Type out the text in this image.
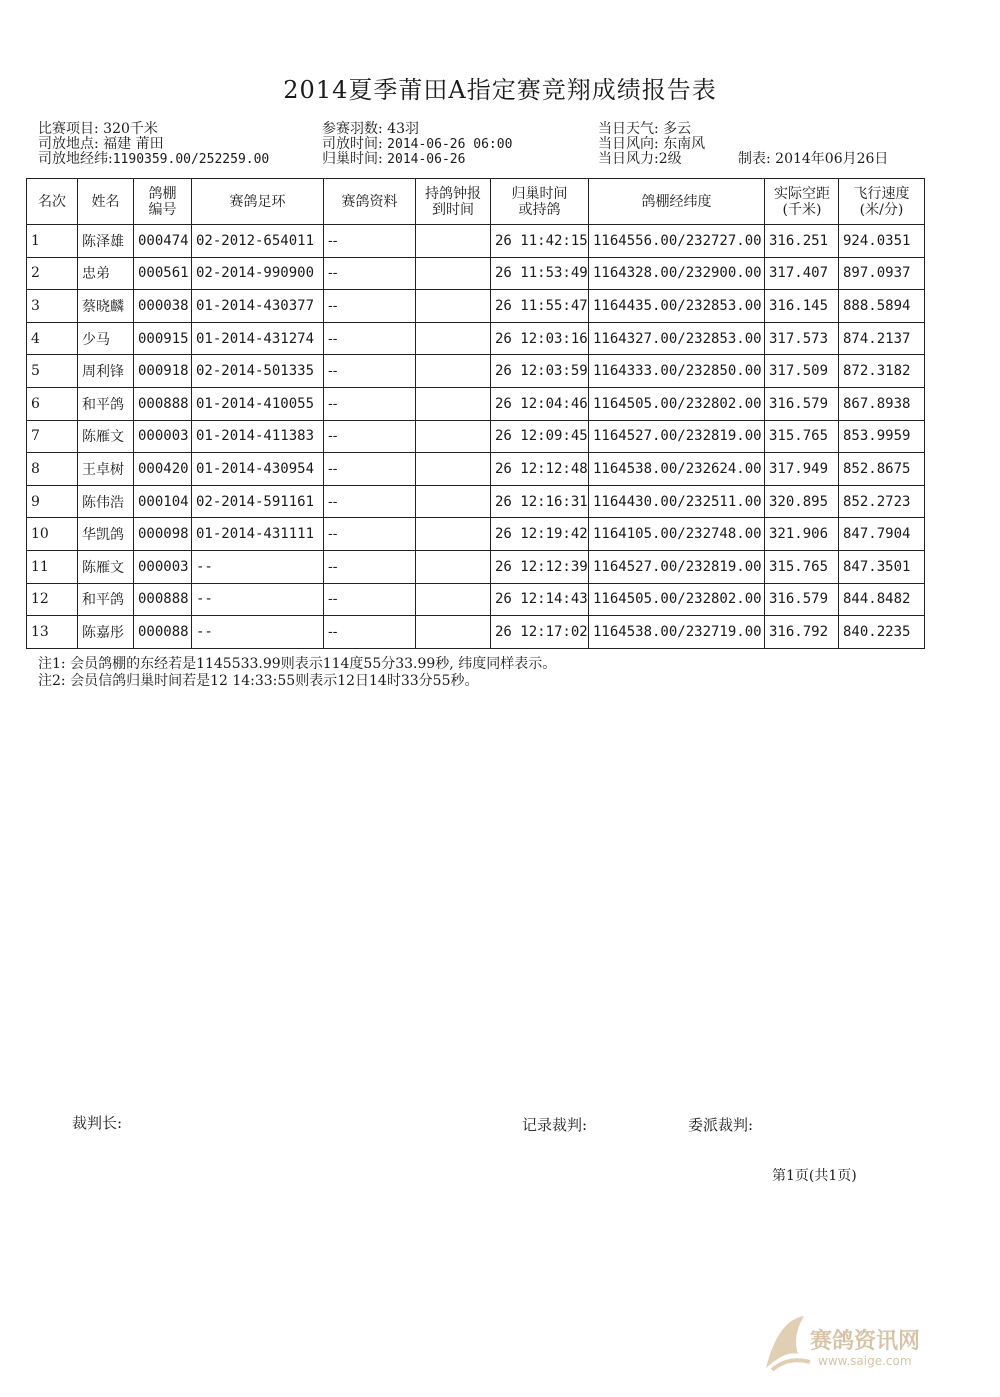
2014夏季莆田A指定赛竞翔成绩报告表
比赛项目: 320千米
司放地点: 福建 莆田
司放地经纬:1190359.00/252259.00
参赛羽数: 43羽
司放时间: 2014-06-26 06:00
归巢时间: 2014-06-26
当日天气: 多云
当日风向: 东南风
当日风力:2级	制表: 2014年06月26日
名次	姓名	鸽棚编号	赛鸽足环	赛鸽资料	持鸽钟报到时间	归巢时间或持鸽	鸽棚经纬度	实际空距(千米)	飞行速度(米/分)
1	陈泽雄	000474	02-2012-654011	--		26 11:42:15	1164556.00/232727.00	316.251	924.0351
2	忠弟	000561	02-2014-990900	--		26 11:53:49	1164328.00/232900.00	317.407	897.0937
3	蔡晓麟	000038	01-2014-430377	--		26 11:55:47	1164435.00/232853.00	316.145	888.5894
4	少马	000915	01-2014-431274	--		26 12:03:16	1164327.00/232853.00	317.573	874.2137
5	周利锋	000918	02-2014-501335	--		26 12:03:59	1164333.00/232850.00	317.509	872.3182
6	和平鸽	000888	01-2014-410055	--		26 12:04:46	1164505.00/232802.00	316.579	867.8938
7	陈雁文	000003	01-2014-411383	--		26 12:09:45	1164527.00/232819.00	315.765	853.9959
8	王卓树	000420	01-2014-430954	--		26 12:12:48	1164538.00/232624.00	317.949	852.8675
9	陈伟浩	000104	02-2014-591161	--		26 12:16:31	1164430.00/232511.00	320.895	852.2723
10	华凯鸽	000098	01-2014-431111	--		26 12:19:42	1164105.00/232748.00	321.906	847.7904
11	陈雁文	000003	--	--		26 12:12:39	1164527.00/232819.00	315.765	847.3501
12	和平鸽	000888	--	--		26 12:14:43	1164505.00/232802.00	316.579	844.8482
13	陈嘉彤	000088	--	--		26 12:17:02	1164538.00/232719.00	316.792	840.2235
注1: 会员鸽棚的东经若是1145533.99则表示114度55分33.99秒, 纬度同样表示。
注2: 会员信鸽归巢时间若是12 14:33:55则表示12日14时33分55秒。
裁判长:	记录裁判:	委派裁判:
第1页(共1页)
赛鸽资讯网
www.saige.com
